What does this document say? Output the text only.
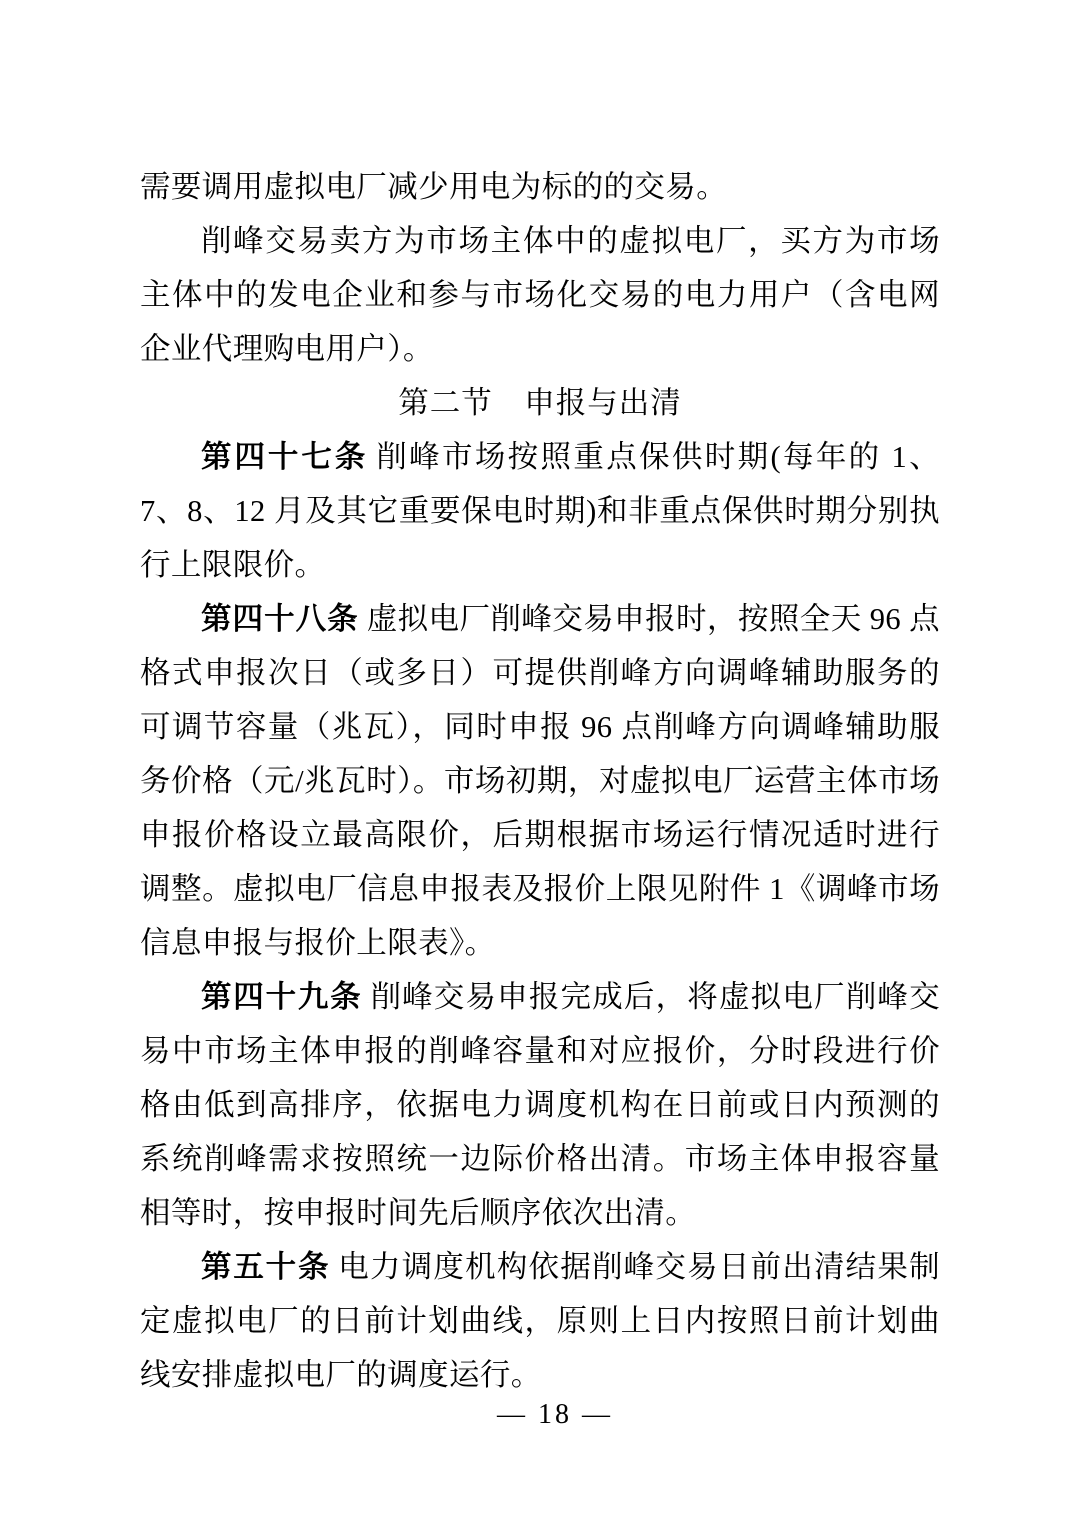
需要调用虚拟电厂减少用电为标的的交易。

削峰交易卖方为市场主体中的虚拟电厂，买方为市场主体中的发电企业和参与市场化交易的电力用户（含电网企业代理购电用户）。

第二节　申报与出清

第四十七条 削峰市场按照重点保供时期(每年的 1、7、8、12 月及其它重要保电时期)和非重点保供时期分别执行上限限价。

第四十八条 虚拟电厂削峰交易申报时，按照全天 96 点格式申报次日（或多日）可提供削峰方向调峰辅助服务的可调节容量（兆瓦），同时申报 96 点削峰方向调峰辅助服务价格（元/兆瓦时）。市场初期，对虚拟电厂运营主体市场申报价格设立最高限价，后期根据市场运行情况适时进行调整。虚拟电厂信息申报表及报价上限见附件 1《调峰市场信息申报与报价上限表》。

第四十九条 削峰交易申报完成后，将虚拟电厂削峰交易中市场主体申报的削峰容量和对应报价，分时段进行价格由低到高排序，依据电力调度机构在日前或日内预测的系统削峰需求按照统一边际价格出清。市场主体申报容量相等时，按申报时间先后顺序依次出清。

第五十条 电力调度机构依据削峰交易日前出清结果制定虚拟电厂的日前计划曲线，原则上日内按照日前计划曲线安排虚拟电厂的调度运行。

— 18 —
